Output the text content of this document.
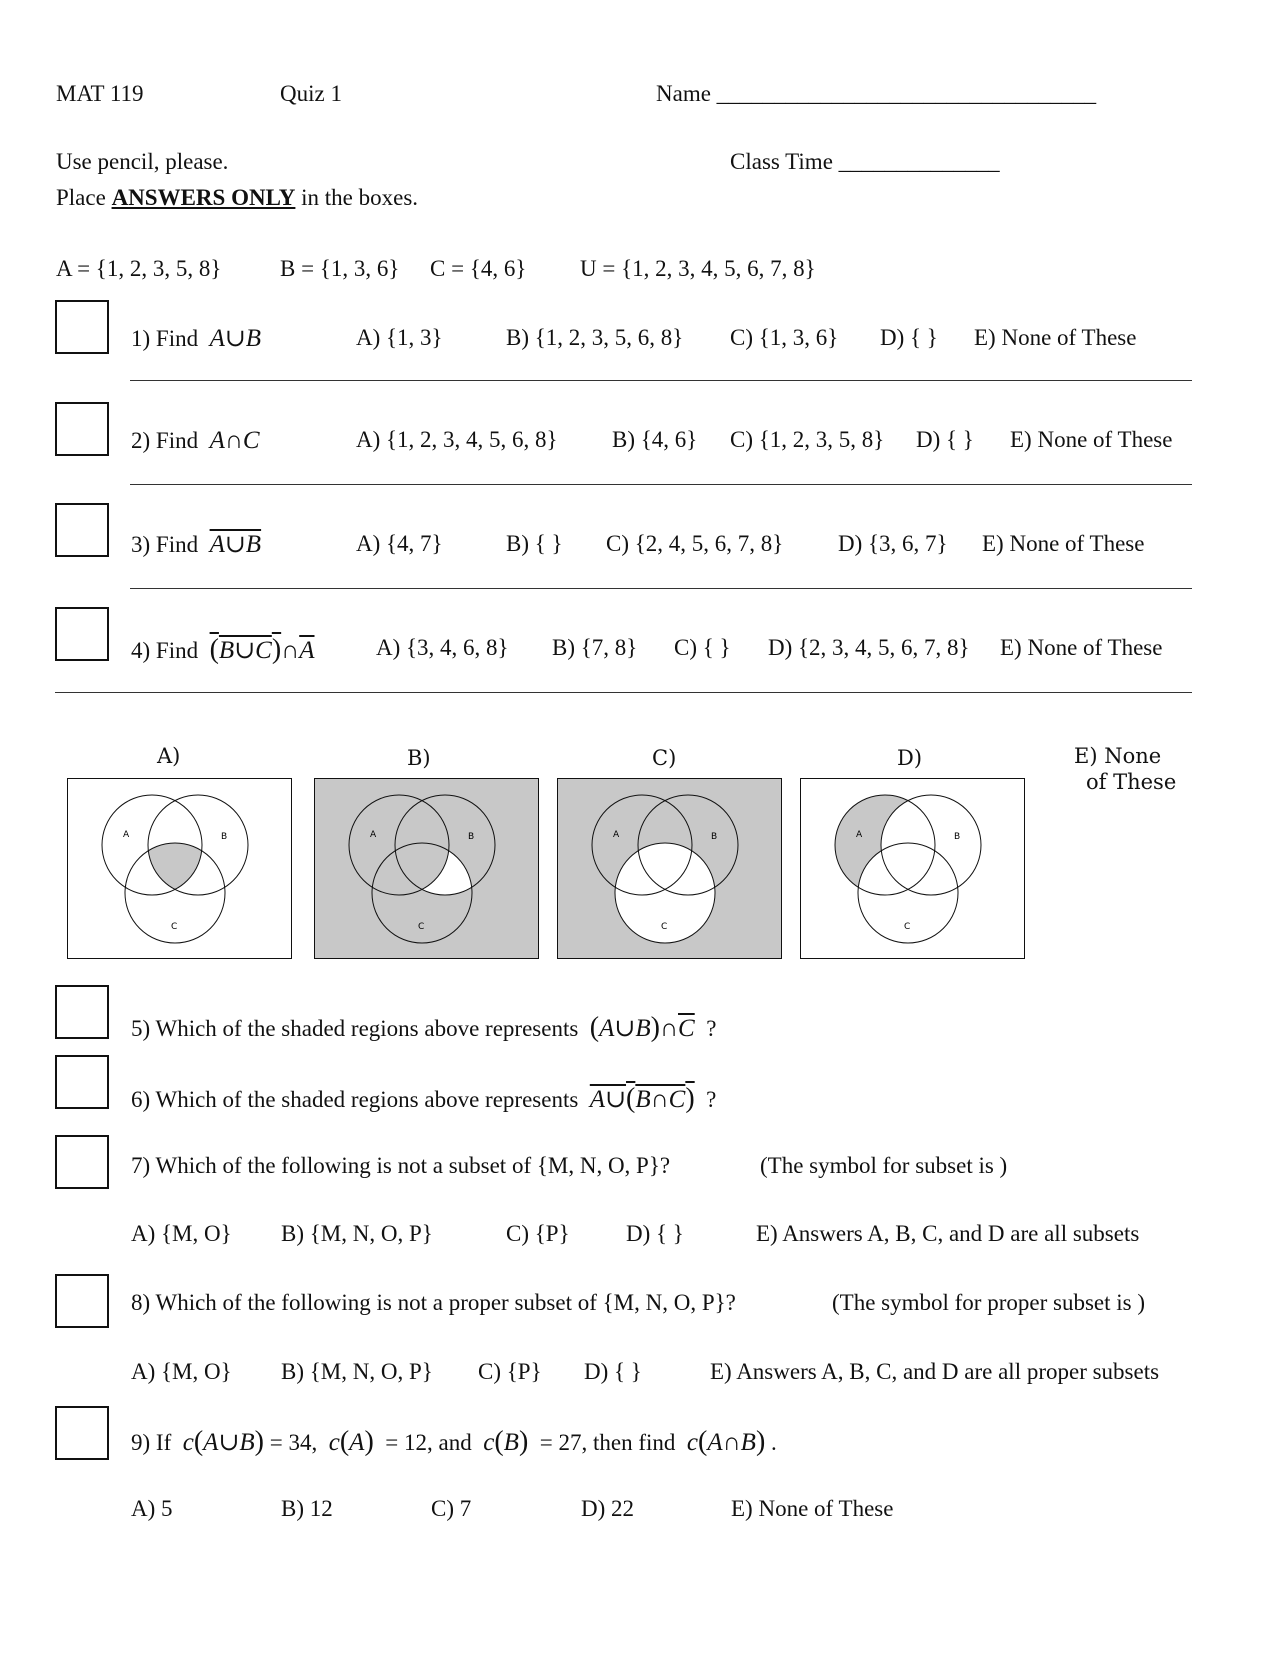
MAT 119	Quiz 1	Name _________________________________
Use pencil, please.	Class Time ______________
Place ANSWERS ONLY in the boxes.
A = {1, 2, 3, 5, 8}	B = {1, 3, 6} C = {4, 6} U = {1, 2, 3, 4, 5, 6, 7, 8}
1) Find A∪B	A) {1, 3}	B) {1, 2, 3, 5, 6, 8} C) {1, 3, 6} D) { } E) None of These
2) Find A∩C	A) {1, 2, 3, 4, 5, 6, 8} B) {4, 6} C) {1, 2, 3, 5, 8} D) { } E) None of These
3) Find A∪B	A) {4, 7}	B) { } C) {2, 4, 5, 6, 7, 8} D) {3, 6, 7} E) None of These
4) Find $(B\cup C)\cap\overline{A}$	A) {3, 4, 6, 8} B) {7, 8} C) { } D) {2, 3, 4, 5, 6, 7, 8} E) None of These
A)	B)	C)	D)	E) None
of These
A	B
C
A	B
C
A	B
C
A	B
C
5) Which of the shaded regions above represents $(A\cup B)\cap\overline{C}$ ?
6) Which of the shaded regions above represents A∪(B∩C) ?
7) Which of the following is not a subset of {M, N, O, P}?	(The symbol for subset is )
A) {M, O} B) {M, N, O, P}	C) {P} D) { }	E) Answers A, B, C, and D are all subsets
8) Which of the following is not a proper subset of {M, N, O, P}?	(The symbol for proper subset is )
A) {M, O} B) {M, N, O, P} C) {P} D) { }	E) Answers A, B, C, and D are all proper subsets
9) If c(A∪B) = 34, c(A) = 12, and c(B) = 27, then find c(A∩B) .
A) 5	B) 12	C) 7	D) 22	E) None of These
